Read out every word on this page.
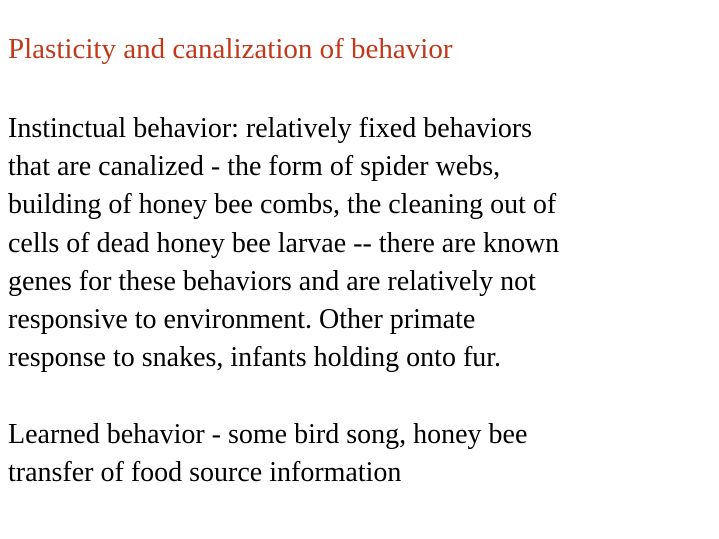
Plasticity and canalization of behavior
Instinctual behavior: relatively fixed behaviors
that are canalized - the form of spider webs,
building of honey bee combs, the cleaning out of
cells of dead honey bee larvae -- there are known
genes for these behaviors and are relatively not
responsive to environment. Other primate
response to snakes, infants holding onto fur.
Learned behavior - some bird song, honey bee
transfer of food source information
